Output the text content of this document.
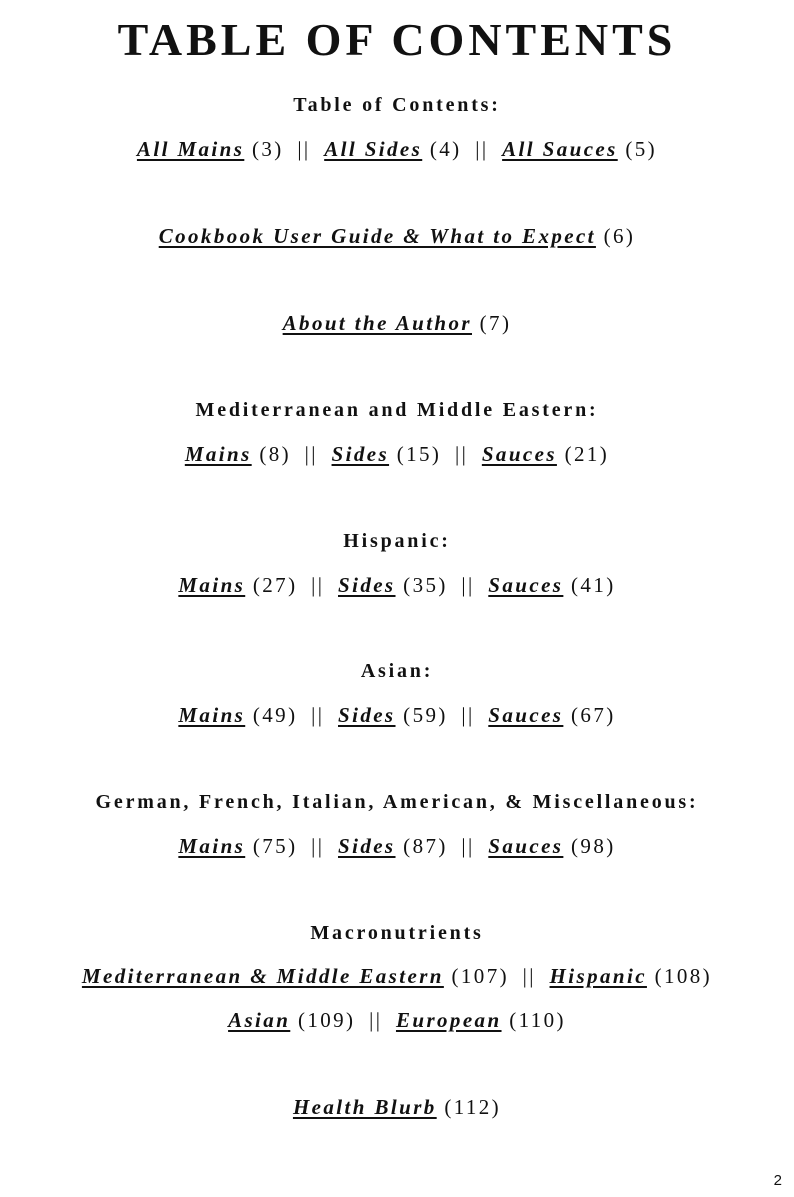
TABLE OF CONTENTS
Table of Contents:
All Mains (3) || All Sides (4) || All Sauces (5)
Cookbook User Guide & What to Expect (6)
About the Author (7)
Mediterranean and Middle Eastern:
Mains (8) || Sides (15) || Sauces (21)
Hispanic:
Mains (27) || Sides (35) || Sauces (41)
Asian:
Mains (49) || Sides (59) || Sauces (67)
German, French, Italian, American, & Miscellaneous:
Mains (75) || Sides (87) || Sauces (98)
Macronutrients
Mediterranean & Middle Eastern (107) || Hispanic (108)
Asian (109) || European (110)
Health Blurb (112)
2
